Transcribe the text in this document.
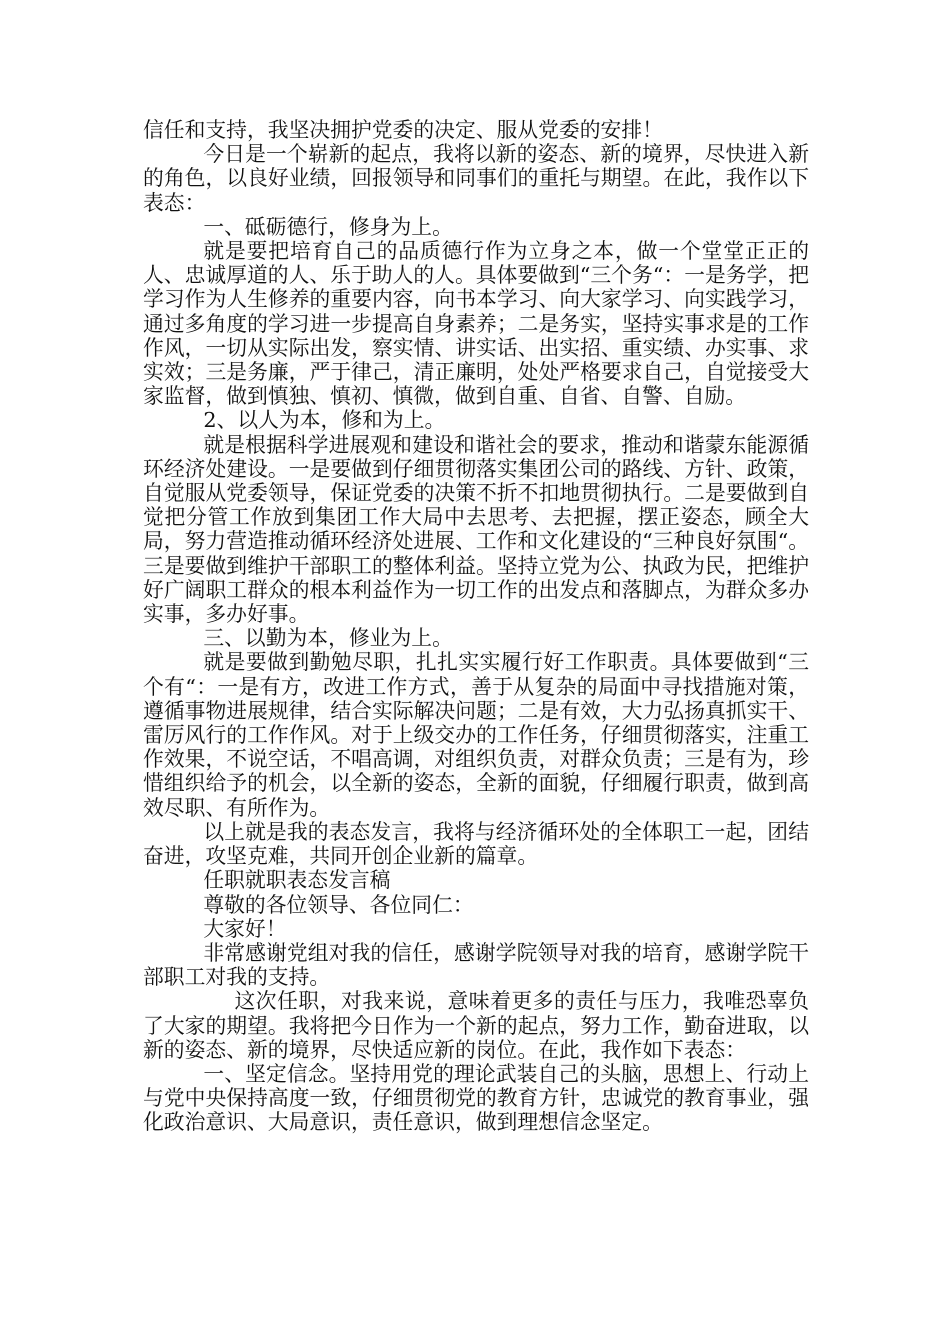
信任和支持，我坚决拥护党委的决定、服从党委的安排！

今日是一个崭新的起点，我将以新的姿态、新的境界，尽快进入新的角色，以良好业绩，回报领导和同事们的重托与期望。在此，我作以下表态：

一、砥砺德行，修身为上。

就是要把培育自己的品质德行作为立身之本，做一个堂堂正正的人、忠诚厚道的人、乐于助人的人。具体要做到“三个务“：一是务学，把学习作为人生修养的重要内容，向书本学习、向大家学习、向实践学习，通过多角度的学习进一步提高自身素养；二是务实，坚持实事求是的工作作风，一切从实际出发，察实情、讲实话、出实招、重实绩、办实事、求实效；三是务廉，严于律己，清正廉明，处处严格要求自己，自觉接受大家监督，做到慎独、慎初、慎微，做到自重、自省、自警、自励。

2、以人为本，修和为上。

就是根据科学进展观和建设和谐社会的要求，推动和谐蒙东能源循环经济处建设。一是要做到仔细贯彻落实集团公司的路线、方针、政策，自觉服从党委领导，保证党委的决策不折不扣地贯彻执行。二是要做到自觉把分管工作放到集团工作大局中去思考、去把握，摆正姿态，顾全大局，努力营造推动循环经济处进展、工作和文化建设的“三种良好氛围“。三是要做到维护干部职工的整体利益。坚持立党为公、执政为民，把维护好广阔职工群众的根本利益作为一切工作的出发点和落脚点，为群众多办实事，多办好事。

三、以勤为本，修业为上。

就是要做到勤勉尽职，扎扎实实履行好工作职责。具体要做到“三个有“：一是有方，改进工作方式，善于从复杂的局面中寻找措施对策，遵循事物进展规律，结合实际解决问题；二是有效，大力弘扬真抓实干、雷厉风行的工作作风。对于上级交办的工作任务，仔细贯彻落实，注重工作效果，不说空话，不唱高调，对组织负责，对群众负责；三是有为，珍惜组织给予的机会，以全新的姿态，全新的面貌，仔细履行职责，做到高效尽职、有所作为。

以上就是我的表态发言，我将与经济循环处的全体职工一起，团结奋进，攻坚克难，共同开创企业新的篇章。

任职就职表态发言稿

尊敬的各位领导、各位同仁：

大家好！

非常感谢党组对我的信任，感谢学院领导对我的培育，感谢学院干部职工对我的支持。

这次任职，对我来说，意味着更多的责任与压力，我唯恐辜负了大家的期望。我将把今日作为一个新的起点，努力工作，勤奋进取，以新的姿态、新的境界，尽快适应新的岗位。在此，我作如下表态：

一、坚定信念。坚持用党的理论武装自己的头脑，思想上、行动上与党中央保持高度一致，仔细贯彻党的教育方针，忠诚党的教育事业，强化政治意识、大局意识，责任意识，做到理想信念坚定。
